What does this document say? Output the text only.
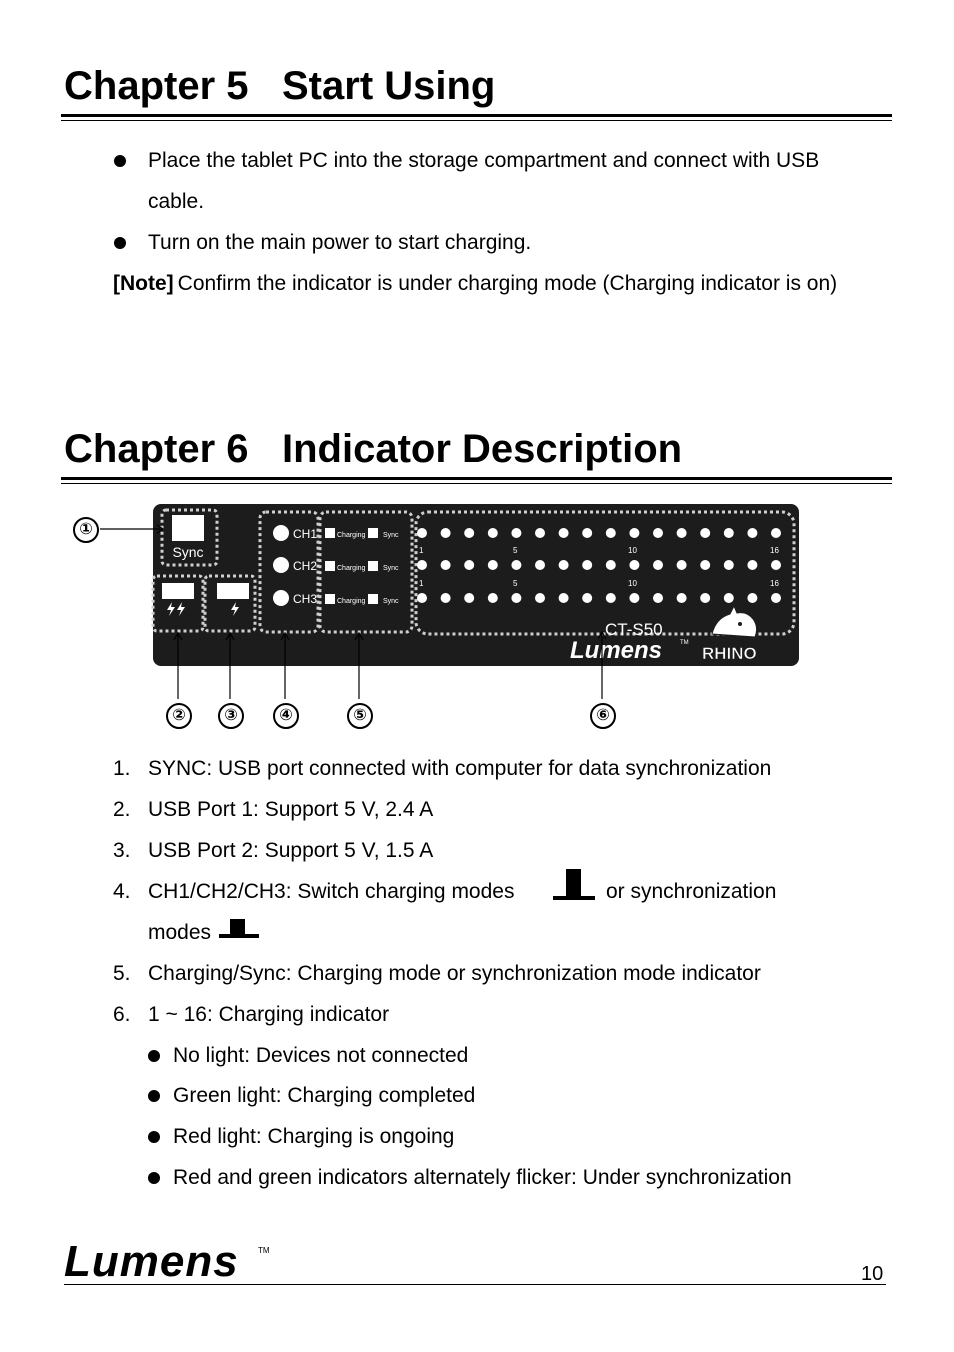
Chapter 5 Start Using
Place the tablet PC into the storage compartment and connect with USB
cable.
Turn on the main power to start charging.
[Note] Confirm the indicator is under charging mode (Charging indicator is on)
Chapter 6 Indicator Description
Sync
CH1
CH2
CH3
Charging	Sync
Charging	Sync
Charging	Sync
1	5	10	16
1	5	10	16
CT-S50
Lumens	TM
RHINO
①
②	③	④	⑤	⑥
1. SYNC: USB port connected with computer for data synchronization
2. USB Port 1: Support 5 V, 2.4 A
3. USB Port 2: Support 5 V, 1.5 A
4. CH1/CH2/CH3: Switch charging modes	or synchronization
modes
5. Charging/Sync: Charging mode or synchronization mode indicator
6. 1 ~ 16: Charging indicator
No light: Devices not connected
Green light: Charging completed
Red light: Charging is ongoing
Red and green indicators alternately flicker: Under synchronization
Lumens TM
10
